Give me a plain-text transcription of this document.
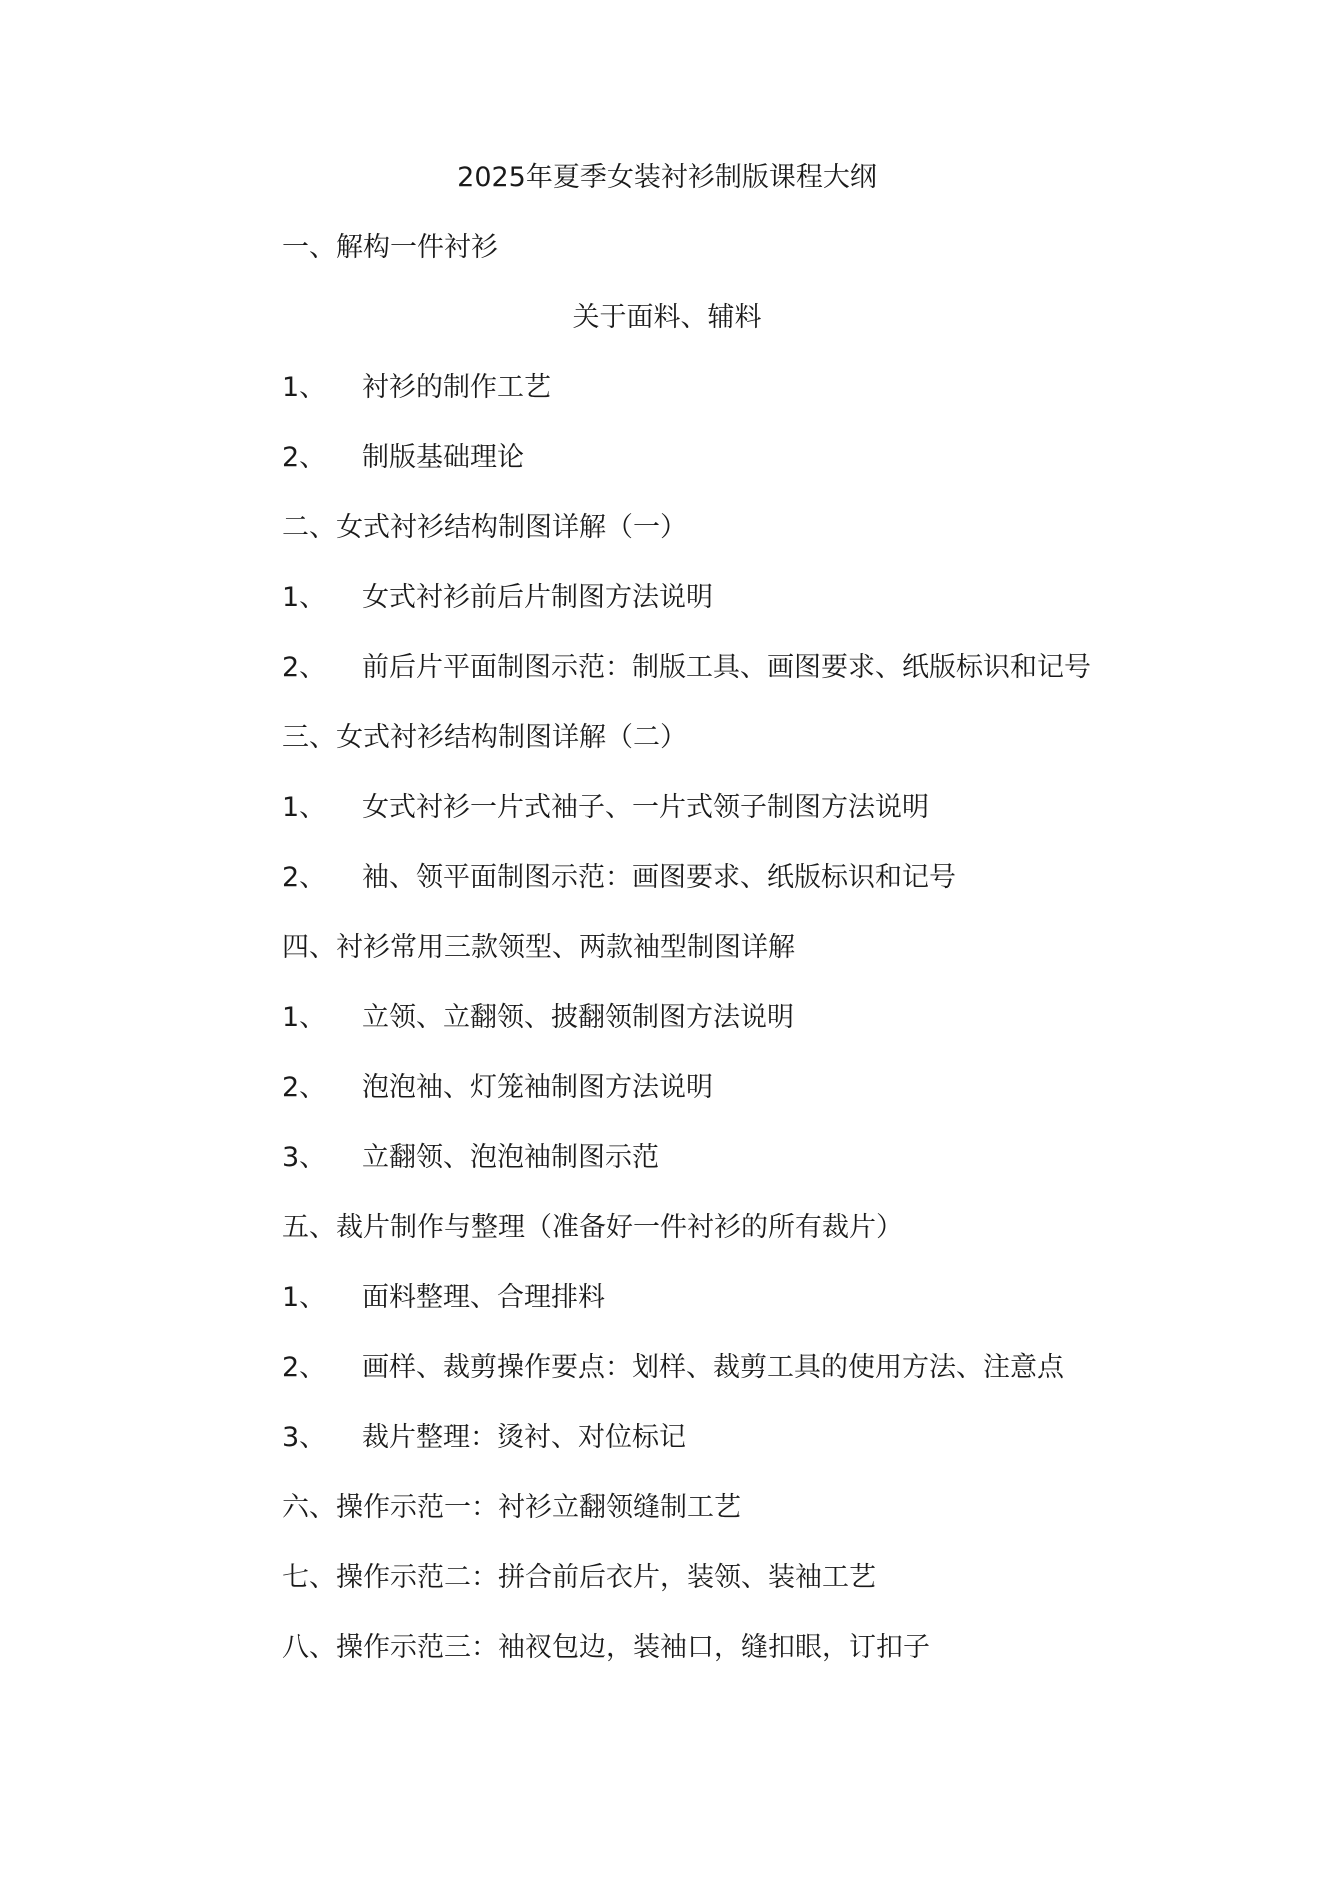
2025年夏季女装衬衫制版课程大纲
一、解构一件衬衫
关于面料、辅料
1、 衬衫的制作工艺
2、 制版基础理论
二、女式衬衫结构制图详解（一）
1、 女式衬衫前后片制图方法说明
2、 前后片平面制图示范：制版工具、画图要求、纸版标识和记号
三、女式衬衫结构制图详解（二）
1、 女式衬衫一片式袖子、一片式领子制图方法说明
2、 袖、领平面制图示范：画图要求、纸版标识和记号
四、衬衫常用三款领型、两款袖型制图详解
1、 立领、立翻领、披翻领制图方法说明
2、 泡泡袖、灯笼袖制图方法说明
3、 立翻领、泡泡袖制图示范
五、裁片制作与整理（准备好一件衬衫的所有裁片）
1、 面料整理、合理排料
2、 画样、裁剪操作要点：划样、裁剪工具的使用方法、注意点
3、 裁片整理：烫衬、对位标记
六、操作示范一：衬衫立翻领缝制工艺
七、操作示范二：拼合前后衣片，装领、装袖工艺
八、操作示范三：袖衩包边，装袖口，缝扣眼，订扣子
